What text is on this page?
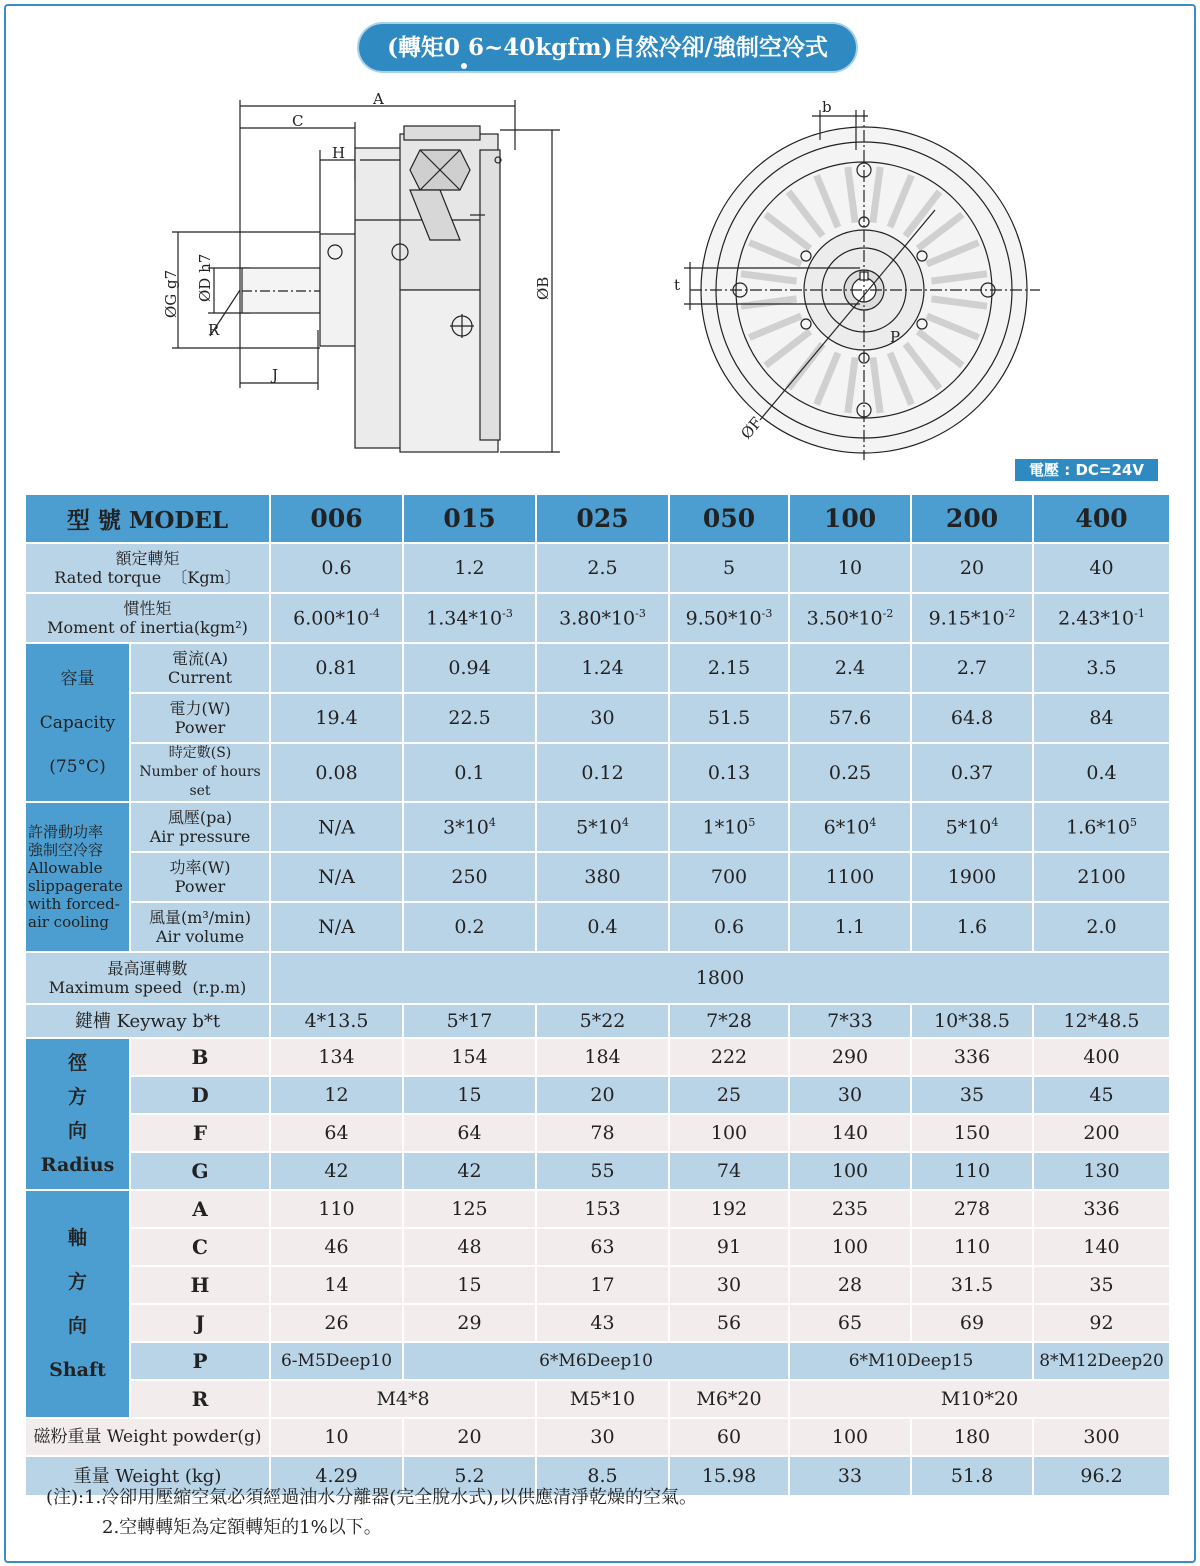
(轉矩0 6~40kgfm)自然冷卻/強制空冷式
A
C
H
J
R
ØG g7 ØD h7	ØB
b
t
P
ØF
電壓 : DC=24V
型 號 MODEL		006	015	025	050	100	200	400
額定轉矩
Rated torque 〔Kgm〕		0.6	1.2	2.5	5	10	20	40
慣性矩
Moment of inertia(kgm²)		$6.00*10^{-4}$	$1.34*10^{-3}$	$3.80*10^{-3}$	$9.50*10^{-3}$	$3.50*10^{-2}$	$9.15*10^{-2}$	$2.43*10^{-1}$
容量

Capacity

(75°C)	電流(A)
Current	0.81	0.94	1.24	2.15	2.4	2.7	3.5
	電力(W)
Power	19.4	22.5	30	51.5	57.6	64.8	84
	時定數(S)
Number of hours set	0.08	0.1	0.12	0.13	0.25	0.37	0.4
許滑動功率
強制空冷容
Allowable slippagerate with forced-air cooling	風壓(pa)
Air pressure	N/A	$3*10^4$	$5*10^4$	$1*10^5$	$6*10^4$	$5*10^4$	$1.6*10^5$
	功率(W)
Power	N/A	250	380	700	1100	1900	2100
	風量(m³/min)
Air volume	N/A	0.2	0.4	0.6	1.1	1.6	2.0
最高運轉數
Maximum speed (r.p.m)		1800						
鍵槽 Keyway b*t		4*13.5	5*17	5*22	7*28	7*33	10*38.5	12*48.5
徑
方
向
Radius	B	134	154	184	222	290	336	400
	D	12	15	20	25	30	35	45
	F	64	64	78	100	140	150	200
	G	42	42	55	74	100	110	130
軸
方
向
Shaft	A	110	125	153	192	235	278	336
	C	46	48	63	91	100	110	140
	H	14	15	17	30	28	31.5	35
	J	26	29	43	56	65	69	92
	P	6-M5Deep10	6*M6Deep10			6*M10Deep15		8*M12Deep20
	R	M4*8		M5*10	M6*20	M10*20		
磁粉重量 Weight powder(g)		10	20	30	60	100	180	300
重量 Weight (kg)		4.29	5.2	8.5	15.98	33	51.8	96.2
(注):1.冷卻用壓縮空氣必須經過油水分離器(完全脫水式),以供應清淨乾燥的空氣。
2.空轉轉矩為定額轉矩的1%以下。
